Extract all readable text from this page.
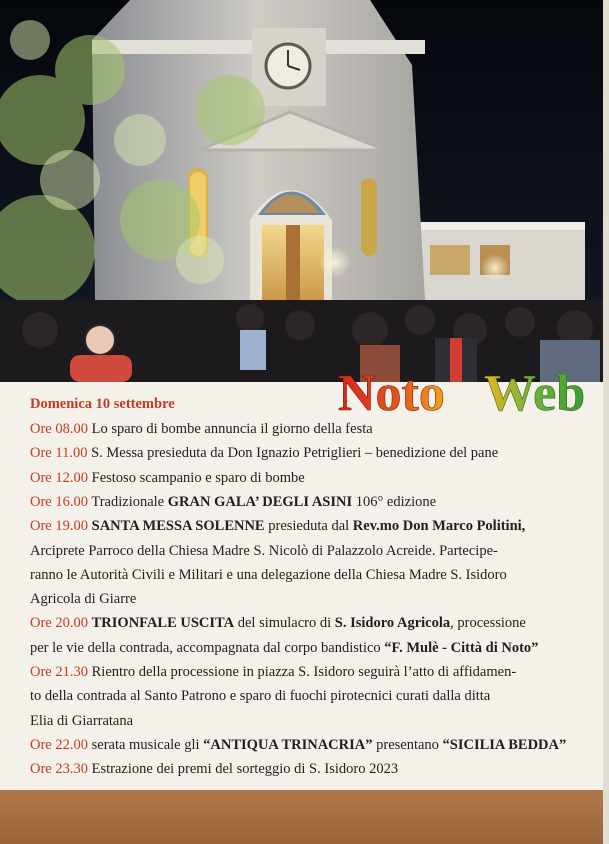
Noto Web
Domenica 10 settembre
Ore 08.00 Lo sparo di bombe annuncia il giorno della festa
Ore 11.00 S. Messa presieduta da Don Ignazio Petriglieri – benedizione del pane
Ore 12.00 Festoso scampanio e sparo di bombe
Ore 16.00 Tradizionale GRAN GALA’ DEGLI ASINI 106° edizione
Ore 19.00 SANTA MESSA SOLENNE presieduta dal Rev.mo Don Marco Politini,
Arciprete Parroco della Chiesa Madre S. Nicolò di Palazzolo Acreide. Partecipe-
ranno le Autorità Civili e Militari e una delegazione della Chiesa Madre S. Isidoro
Agricola di Giarre
Ore 20.00 TRIONFALE USCITA del simulacro di S. Isidoro Agricola, processione
per le vie della contrada, accompagnata dal corpo bandistico “F. Mulè - Città di Noto”
Ore 21.30 Rientro della processione in piazza S. Isidoro seguirà l’atto di affidamen-
to della contrada al Santo Patrono e sparo di fuochi pirotecnici curati dalla ditta
Elia di Giarratana
Ore 22.00 serata musicale gli “ANTIQUA TRINACRIA” presentano “SICILIA BEDDA”
Ore 23.30 Estrazione dei premi del sorteggio di S. Isidoro 2023
